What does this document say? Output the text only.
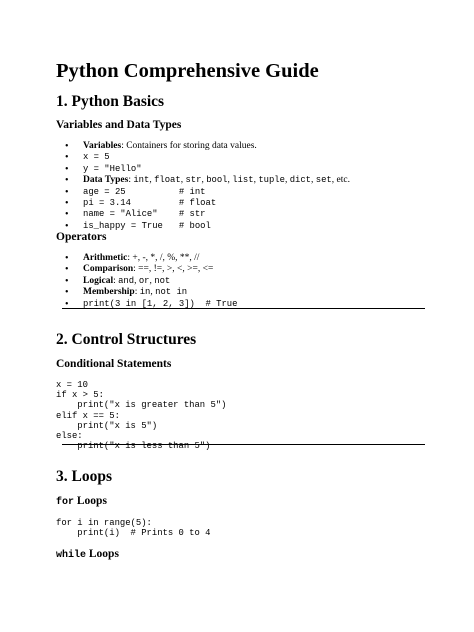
Python Comprehensive Guide
1. Python Basics
Variables and Data Types
• Variables: Containers for storing data values.
• x = 5
• y = "Hello"
• Data Types: int, float, str, bool, list, tuple, dict, set, etc.
• age = 25          # int
• pi = 3.14         # float
• name = "Alice"    # str
• is_happy = True   # bool
Operators
• Arithmetic: +, -, *, /, %, **, //
• Comparison: ==, !=, >, <, >=, <=
• Logical: and, or, not
• Membership: in, not in
• print(3 in [1, 2, 3])  # True
2. Control Structures
Conditional Statements
x = 10
if x > 5:
print("x is greater than 5")
elif x == 5:
print("x is 5")
else:
print("x is less than 5")
3. Loops
for Loops
for i in range(5):
print(i)  # Prints 0 to 4
while Loops
